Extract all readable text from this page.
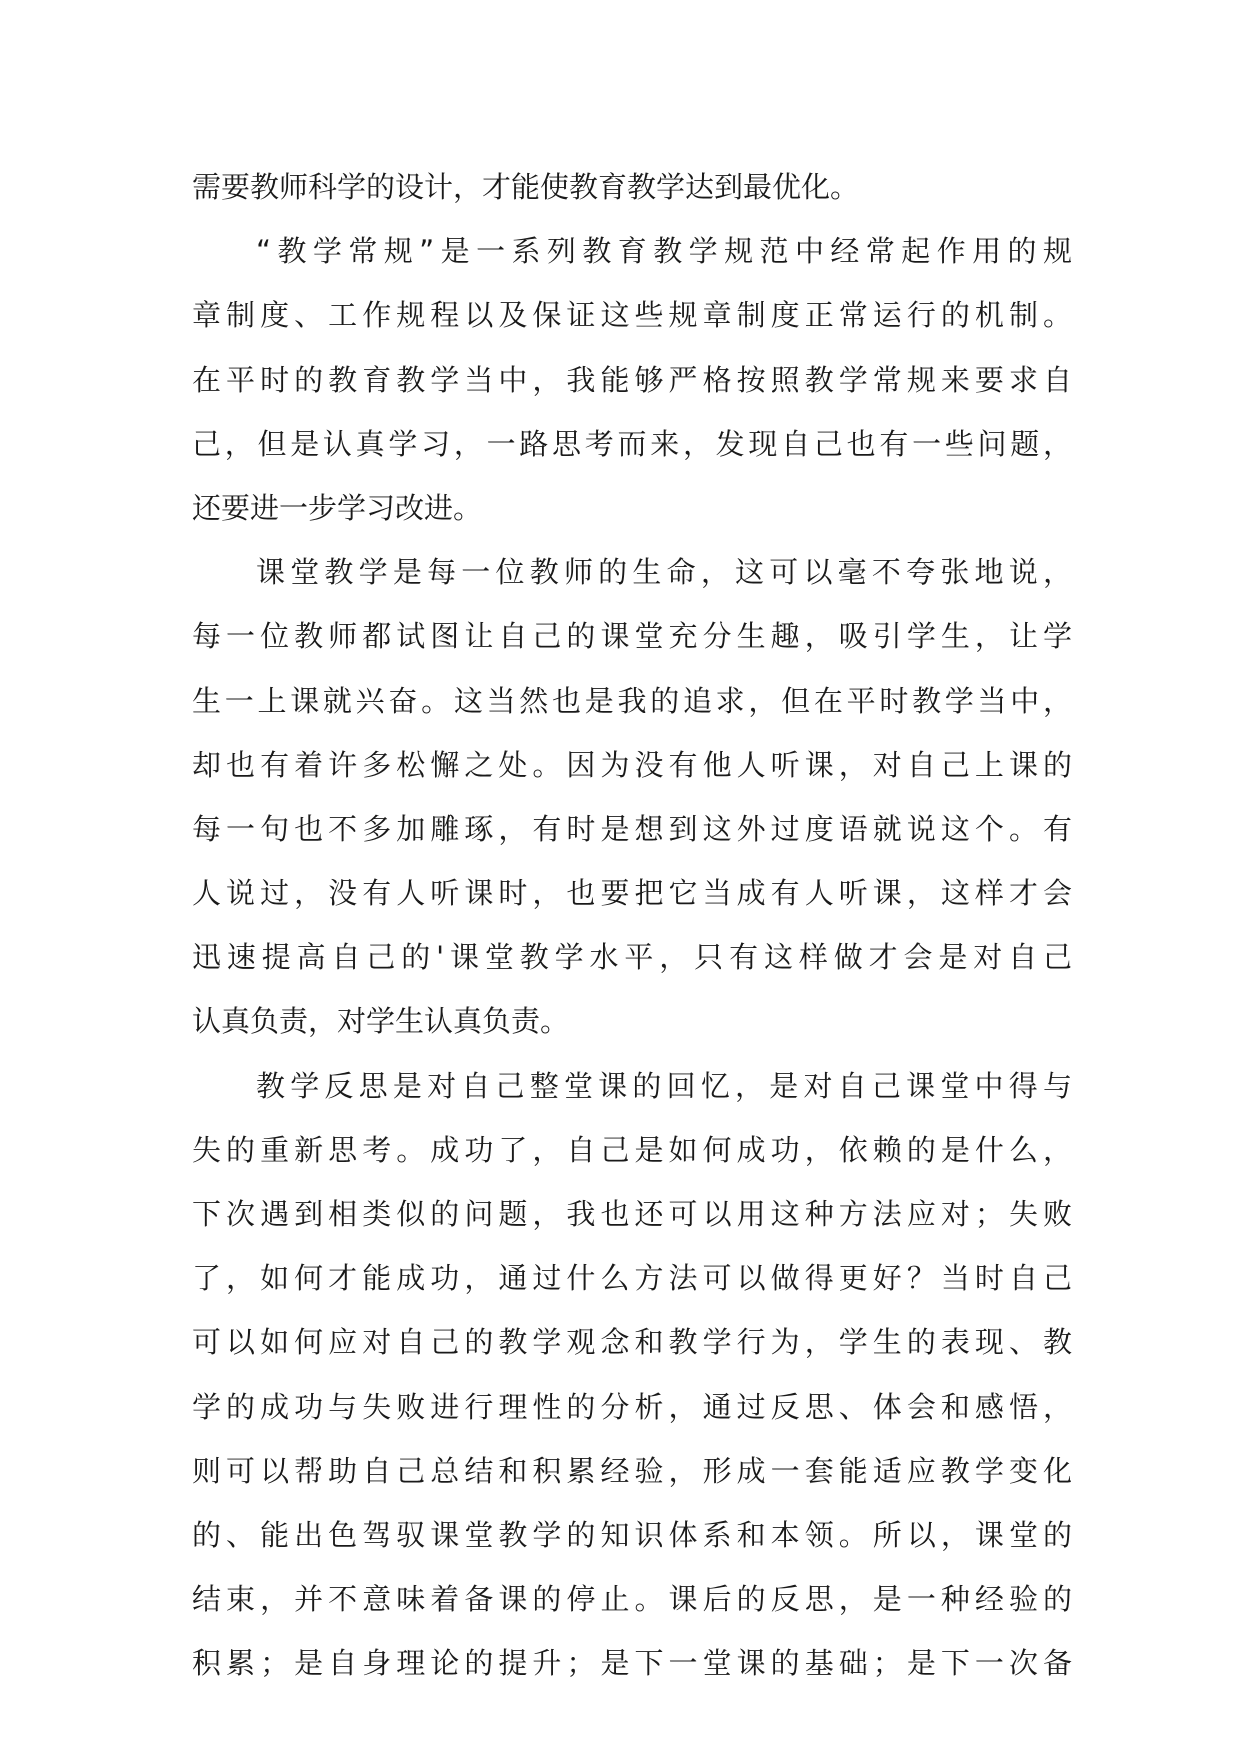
需要教师科学的设计，才能使教育教学达到最优化。
“教学常规”是一系列教育教学规范中经常起作用的规
章制度、工作规程以及保证这些规章制度正常运行的机制。
在平时的教育教学当中，我能够严格按照教学常规来要求自
己，但是认真学习，一路思考而来，发现自己也有一些问题，
还要进一步学习改进。
课堂教学是每一位教师的生命，这可以毫不夸张地说，
每一位教师都试图让自己的课堂充分生趣，吸引学生，让学
生一上课就兴奋。这当然也是我的追求，但在平时教学当中，
却也有着许多松懈之处。因为没有他人听课，对自己上课的
每一句也不多加雕琢，有时是想到这外过度语就说这个。有
人说过，没有人听课时，也要把它当成有人听课，这样才会
迅速提高自己的'课堂教学水平，只有这样做才会是对自己
认真负责，对学生认真负责。
教学反思是对自己整堂课的回忆，是对自己课堂中得与
失的重新思考。成功了，自己是如何成功，依赖的是什么，
下次遇到相类似的问题，我也还可以用这种方法应对；失败
了，如何才能成功，通过什么方法可以做得更好？当时自己
可以如何应对自己的教学观念和教学行为，学生的表现、教
学的成功与失败进行理性的分析，通过反思、体会和感悟，
则可以帮助自己总结和积累经验，形成一套能适应教学变化
的、能出色驾驭课堂教学的知识体系和本领。所以，课堂的
结束，并不意味着备课的停止。课后的反思，是一种经验的
积累；是自身理论的提升；是下一堂课的基础；是下一次备
